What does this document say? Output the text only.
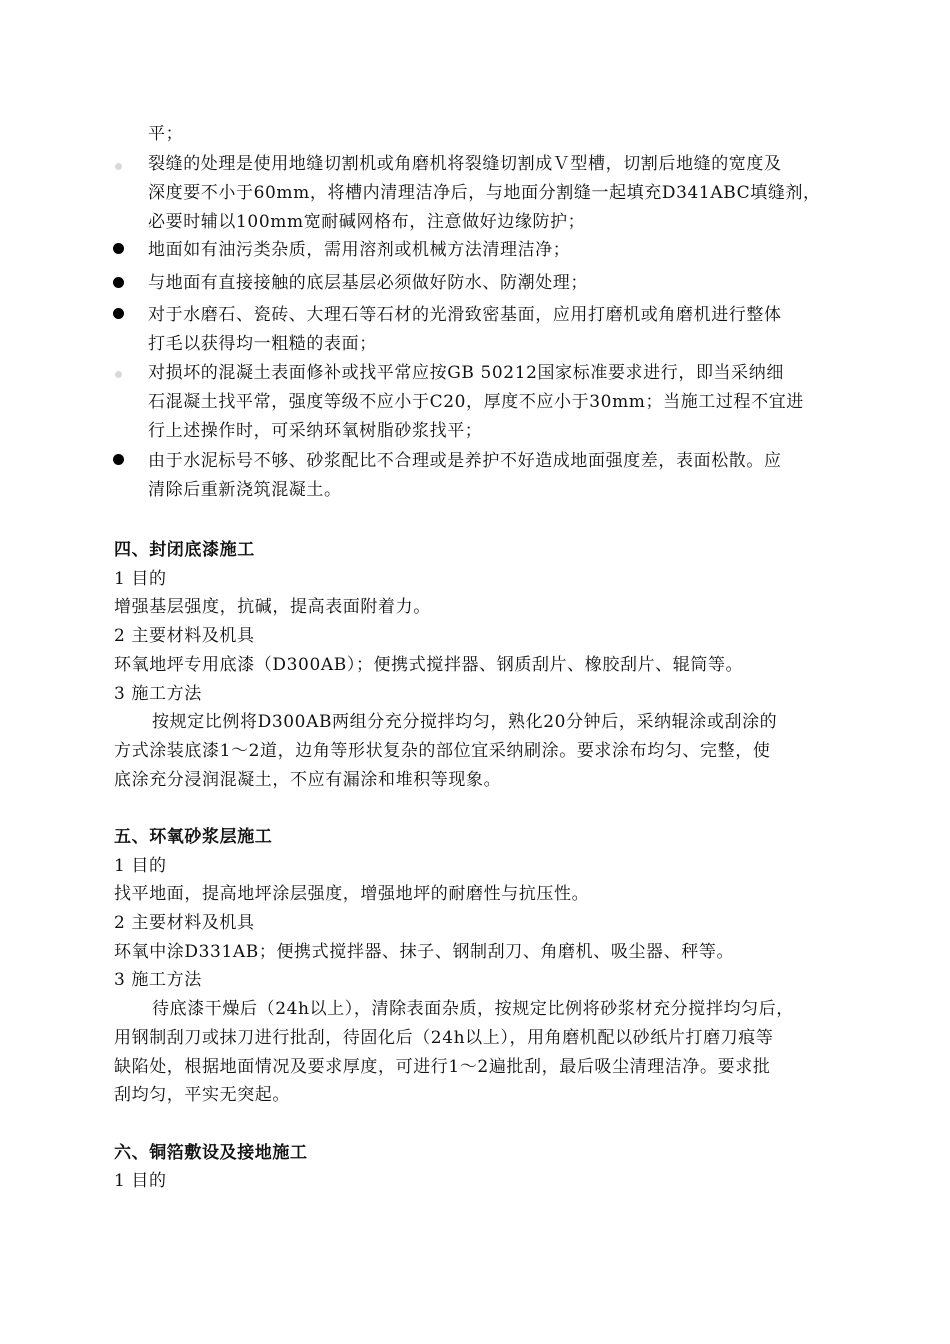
平；
裂缝的处理是使用地缝切割机或角磨机将裂缝切割成Ｖ型槽，切割后地缝的宽度及
深度要不小于60mm，将槽内清理洁净后，与地面分割缝一起填充D341ABC填缝剂，
必要时辅以100mm宽耐碱网格布，注意做好边缘防护；
地面如有油污类杂质，需用溶剂或机械方法清理洁净；
与地面有直接接触的底层基层必须做好防水、防潮处理；
对于水磨石、瓷砖、大理石等石材的光滑致密基面，应用打磨机或角磨机进行整体
打毛以获得均一粗糙的表面；
对损坏的混凝土表面修补或找平常应按GB 50212国家标准要求进行，即当采纳细
石混凝土找平常，强度等级不应小于C20，厚度不应小于30mm；当施工过程不宜进
行上述操作时，可采纳环氧树脂砂浆找平；
由于水泥标号不够、砂浆配比不合理或是养护不好造成地面强度差，表面松散。应
清除后重新浇筑混凝土。
四、封闭底漆施工
1 目的
增强基层强度，抗碱，提高表面附着力。
2 主要材料及机具
环氧地坪专用底漆（D300AB）；便携式搅拌器、钢质刮片、橡胶刮片、辊筒等。
3 施工方法
按规定比例将D300AB两组分充分搅拌均匀，熟化20分钟后，采纳辊涂或刮涂的
方式涂装底漆1～2道，边角等形状复杂的部位宜采纳刷涂。要求涂布均匀、完整，使
底涂充分浸润混凝土，不应有漏涂和堆积等现象。
五、环氧砂浆层施工
1 目的
找平地面，提高地坪涂层强度，增强地坪的耐磨性与抗压性。
2 主要材料及机具
环氧中涂D331AB；便携式搅拌器、抹子、钢制刮刀、角磨机、吸尘器、秤等。
3 施工方法
待底漆干燥后（24h以上），清除表面杂质，按规定比例将砂浆材充分搅拌均匀后，
用钢制刮刀或抹刀进行批刮，待固化后（24h以上），用角磨机配以砂纸片打磨刀痕等
缺陷处，根据地面情况及要求厚度，可进行1～2遍批刮，最后吸尘清理洁净。要求批
刮均匀，平实无突起。
六、铜箔敷设及接地施工
1 目的
